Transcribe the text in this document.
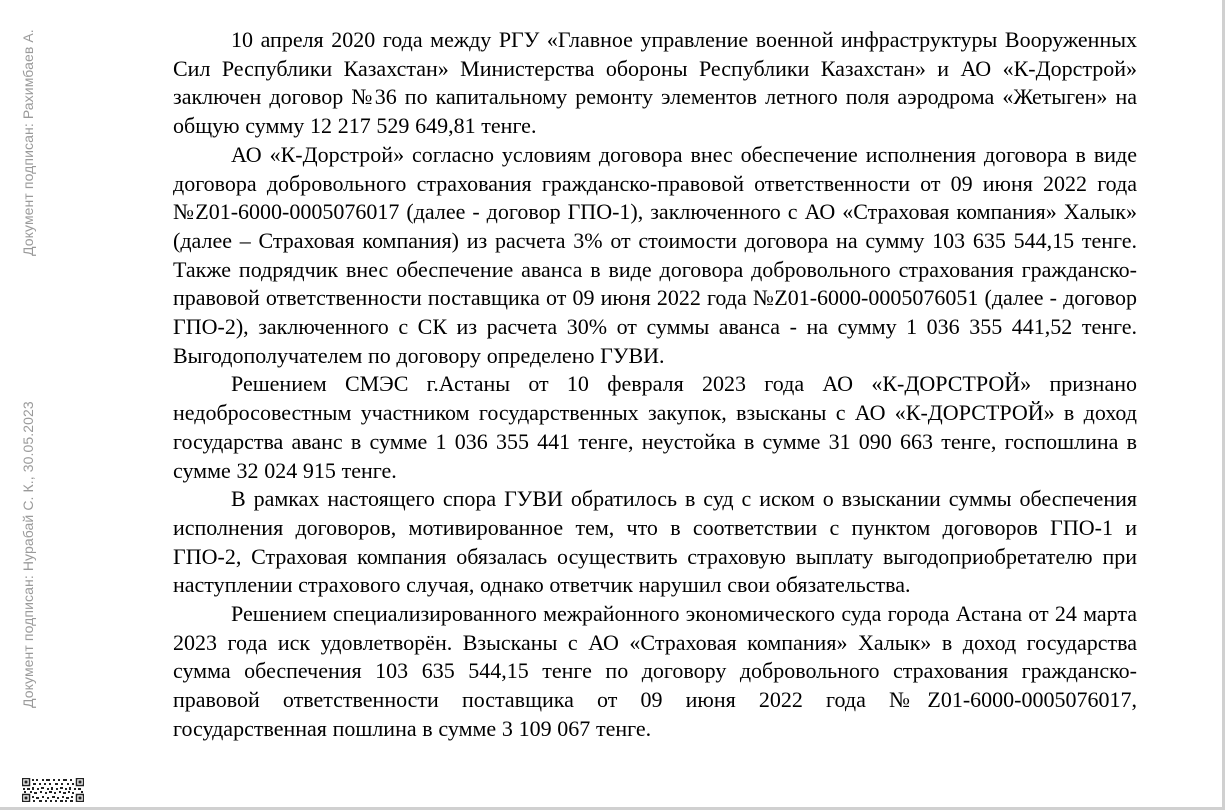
Документ подписан: Рахимбаев А.
Документ подписан: Нурабай С. К., 30.05.2023

10 апреля 2020 года между РГУ «Главное управление военной инфраструктуры Вооруженных Сил Республики Казахстан» Министерства обороны Республики Казахстан» и АО «К-Дорстрой» заключен договор №36 по капитальному ремонту элементов летного поля аэродрома «Жетыген» на общую сумму 12 217 529 649,81 тенге.

АО «К-Дорстрой» согласно условиям договора внес обеспечение исполнения договора в виде договора добровольного страхования гражданско-правовой ответственности от 09 июня 2022 года №Z01-6000-0005076017 (далее - договор ГПО-1), заключенного с АО «Страховая компания» Халык» (далее – Страховая компания) из расчета 3% от стоимости договора на сумму 103 635 544,15 тенге. Также подрядчик внес обеспечение аванса в виде договора добровольного страхования гражданско-правовой ответственности поставщика от 09 июня 2022 года №Z01-6000-0005076051 (далее - договор ГПО-2), заключенного с СК из расчета 30% от суммы аванса - на сумму 1 036 355 441,52 тенге. Выгодополучателем по договору определено ГУВИ.

Решением СМЭС г.Астаны от 10 февраля 2023 года АО «К-ДОРСТРОЙ» признано недобросовестным участником государственных закупок, взысканы с АО «К-ДОРСТРОЙ» в доход государства аванс в сумме 1 036 355 441 тенге, неустойка в сумме 31 090 663 тенге, госпошлина в сумме 32 024 915 тенге.

В рамках настоящего спора ГУВИ обратилось в суд с иском о взыскании суммы обеспечения исполнения договоров, мотивированное тем, что в соответствии с пунктом договоров ГПО-1 и ГПО-2, Страховая компания обязалась осуществить страховую выплату выгодоприобретателю при наступлении страхового случая, однако ответчик нарушил свои обязательства.

Решением специализированного межрайонного экономического суда города Астана от 24 марта 2023 года иск удовлетворён. Взысканы с АО «Страховая компания» Халык» в доход государства сумма обеспечения 103 635 544,15 тенге по договору добровольного страхования гражданско-правовой ответственности поставщика от 09 июня 2022 года №Z01-6000-0005076017, государственная пошлина в сумме 3 109 067 тенге.
